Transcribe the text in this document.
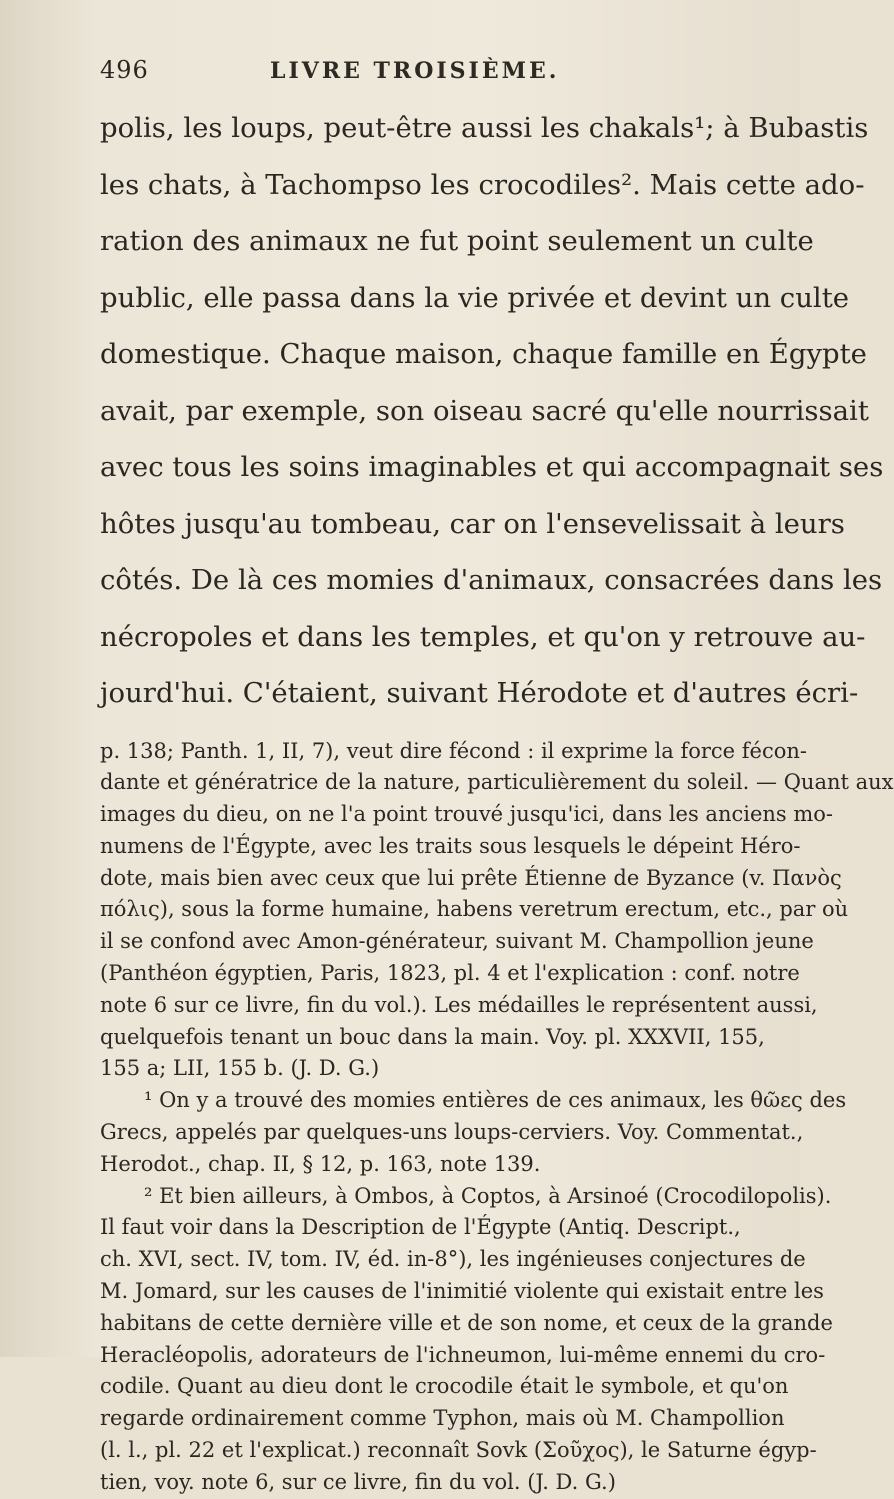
496	LIVRE TROISIÈME.
polis, les loups, peut-être aussi les chakals¹; à Bubastis
les chats, à Tachompso les crocodiles². Mais cette ado-
ration des animaux ne fut point seulement un culte
public, elle passa dans la vie privée et devint un culte
domestique. Chaque maison, chaque famille en Égypte
avait, par exemple, son oiseau sacré qu'elle nourrissait
avec tous les soins imaginables et qui accompagnait ses
hôtes jusqu'au tombeau, car on l'ensevelissait à leurs
côtés. De là ces momies d'animaux, consacrées dans les
nécropoles et dans les temples, et qu'on y retrouve au-
jourd'hui. C'étaient, suivant Hérodote et d'autres écri-
p. 138; Panth. 1, II, 7), veut dire fécond : il exprime la force fécon-
dante et génératrice de la nature, particulièrement du soleil. — Quant aux
images du dieu, on ne l'a point trouvé jusqu'ici, dans les anciens mo-
numens de l'Égypte, avec les traits sous lesquels le dépeint Héro-
dote, mais bien avec ceux que lui prête Étienne de Byzance (v. Πανὸς
πόλις), sous la forme humaine, habens veretrum erectum, etc., par où
il se confond avec Amon-générateur, suivant M. Champollion jeune
(Panthéon égyptien, Paris, 1823, pl. 4 et l'explication : conf. notre
note 6 sur ce livre, fin du vol.). Les médailles le représentent aussi,
quelquefois tenant un bouc dans la main. Voy. pl. XXXVII, 155,
155 a; LII, 155 b. (J. D. G.)
¹ On y a trouvé des momies entières de ces animaux, les θῶες des
Grecs, appelés par quelques-uns loups-cerviers. Voy. Commentat.,
Herodot., chap. II, § 12, p. 163, note 139.
² Et bien ailleurs, à Ombos, à Coptos, à Arsinoé (Crocodilopolis).
Il faut voir dans la Description de l'Égypte (Antiq. Descript.,
ch. XVI, sect. IV, tom. IV, éd. in-8°), les ingénieuses conjectures de
M. Jomard, sur les causes de l'inimitié violente qui existait entre les
habitans de cette dernière ville et de son nome, et ceux de la grande
Heracléopolis, adorateurs de l'ichneumon, lui-même ennemi du cro-
codile. Quant au dieu dont le crocodile était le symbole, et qu'on
regarde ordinairement comme Typhon, mais où M. Champollion
(l. l., pl. 22 et l'explicat.) reconnaît Sovk (Σοῦχος), le Saturne égyp-
tien, voy. note 6, sur ce livre, fin du vol. (J. D. G.)
